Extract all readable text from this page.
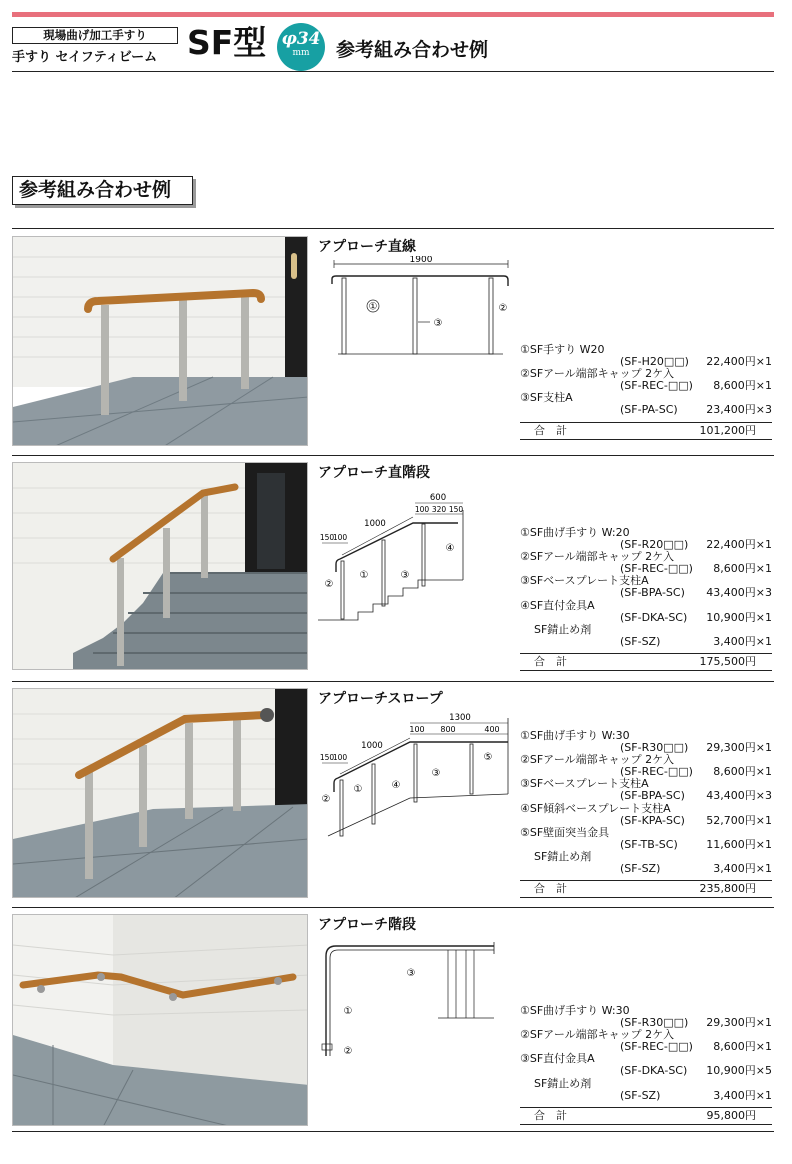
現場曲げ加工手すり
手すり セイフティビーム SF型 φ34
mm	参考組み合わせ例
参考組み合わせ例
アプローチ直線
1900
①	②
③
①SF手すり W20
(SF-H20□□) 22,400円×1
②SFアール端部キャップ 2ケ入
(SF-REC-□□) 8,600円×1
③SF支柱A
(SF-PA-SC)	23,400円×3
合　計	101,200円
アプローチ直階段
600
100 320 150
1000
150
100
①
②
③
④
①SF曲げ手すり W:20
(SF-R20□□) 22,400円×1
②SFアール端部キャップ 2ケ入
(SF-REC-□□) 8,600円×1
③SFベースプレート支柱A
(SF-BPA-SC) 43,400円×3
④SF直付金具A
(SF-DKA-SC) 10,900円×1
SF錆止め剤
(SF-SZ)	3,400円×1
合　計	175,500円
アプローチスロープ
1300
100 800	400
1000
150
100
①
②
③
④
⑤
①SF曲げ手すり W:30
(SF-R30□□) 29,300円×1
②SFアール端部キャップ 2ケ入
(SF-REC-□□) 8,600円×1
③SFベースプレート支柱A
(SF-BPA-SC) 43,400円×3
④SF傾斜ベースプレート支柱A
(SF-KPA-SC) 52,700円×1
⑤SF壁面突当金具
(SF-TB-SC)	11,600円×1
SF錆止め剤
(SF-SZ)	3,400円×1
合　計	235,800円
アプローチ階段
①
②
③
①SF曲げ手すり W:30
(SF-R30□□) 29,300円×1
②SFアール端部キャップ 2ケ入
(SF-REC-□□) 8,600円×1
③SF直付金具A
(SF-DKA-SC) 10,900円×5
SF錆止め剤
(SF-SZ)	3,400円×1
合　計	95,800円
